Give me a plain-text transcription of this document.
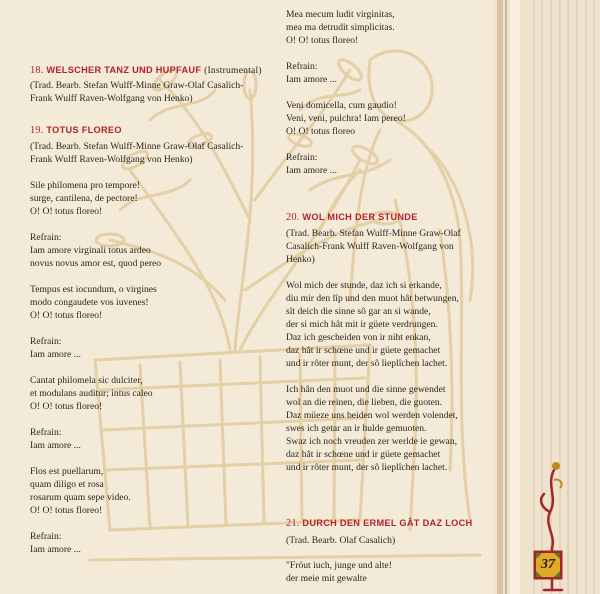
18. WELSCHER TANZ UND HUPFAUF (Instrumental)
(Trad. Bearb. Stefan Wulff-Minne Graw-Olaf Casalich-
Frank Wulff Raven-Wolfgang von Henko)
19. TOTUS FLOREO
(Trad. Bearb. Stefan Wulff-Minne Graw-Olaf Casalich-
Frank Wulff Raven-Wolfgang von Henko)
Sile philomena pro tempore!
surge, cantilena, de pectore!
O! O! totus floreo!
Refrain:
Iam amore virginali totus ardeo
novus novus amor est, quod pereo
Tempus est iocundum, o virgines
modo congaudete vos iuvenes!
O! O! totus floreo!
Refrain:
Iam amore ...
Cantat philomela sic dulciter,
et modulans auditur; intus caleo
O! O! totus floreo!
Refrain:
Iam amore ...
Flos est puellarum,
quam diligo et rosa
rosarum quam sepe video.
O! O! totus floreo!
Refrain:
Iam amore ...
Mea mecum ludit virginitas,
mea ma detrudit simplicitas.
O! O! totus floreo!
Refrain:
Iam amore ...
Veni domicella, cum gaudio!
Veni, veni, pulchra! Iam pereo!
O! O! totus floreo
Refrain:
Iam amore ...
20. WOL MICH DER STUNDE
(Trad. Bearb. Stefan Wulff-Minne Graw-Olaf
Casalich-Frank Wulff Raven-Wolfgang von
Henko)
Wol mich der stunde, daz ich si erkande,
diu mir den lîp und den muot hât betwungen,
sît deich die sinne sô gar an si wande,
der si mich hât mit ir güete verdrungen.
Daz ich gescheiden von ir niht enkan,
daz hât ir schœne und ir güete gemachet
und ir rôter munt, der sô lieplîchen lachet.
Ich hân den muot und die sinne gewendet
wol an die reinen, die lieben, die guoten.
Daz müeze uns beiden wol werden volendet,
swes ich getar an ir hulde gemuoten.
Swaz ich noch vreuden zer werlde ie gewan,
daz hât ir schœne und ir güete gemachet
und ir rôter munt, der sô lieplîchen lachet.
21. DURCH DEN ERMEL GÂT DAZ LOCH
(Trad. Bearb. Olaf Casalich)
"Fröut iuch, junge und alte!
der meie mit gewalte
37
